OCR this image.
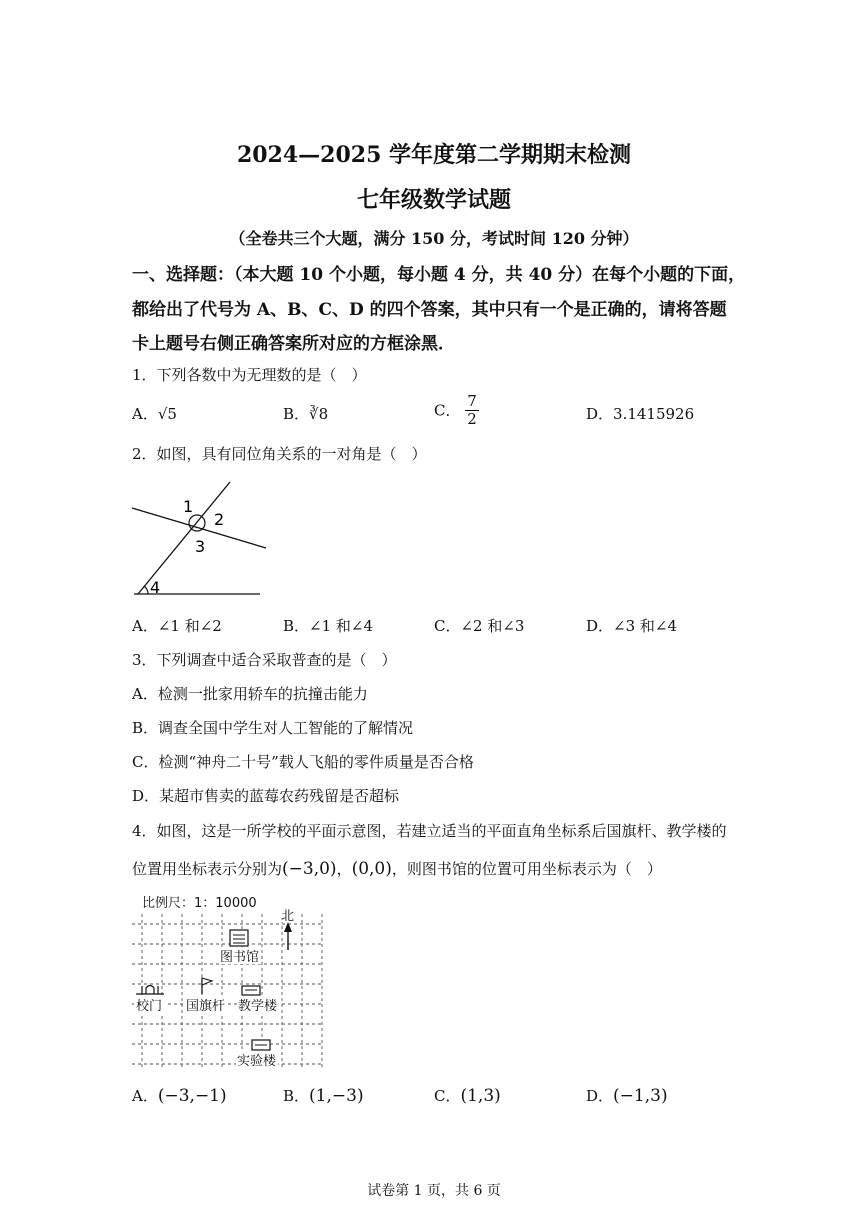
2024—2025 学年度第二学期期末检测
七年级数学试题
（全卷共三个大题，满分 150 分，考试时间 120 分钟）
一、选择题：（本大题 10 个小题，每小题 4 分，共 40 分）在每个小题的下面，
都给出了代号为 A、B、C、D 的四个答案，其中只有一个是正确的，请将答题
卡上题号右侧正确答案所对应的方框涂黑．
1．下列各数中为无理数的是（　）
A．√5	B．∛8	C． $\frac{7}{2}$	D．3.1415926
2．如图，具有同位角关系的一对角是（　）
1
2
3
4
A．∠1 和∠2	B．∠1 和∠4	C．∠2 和∠3	D．∠3 和∠4
3．下列调查中适合采取普查的是（　）
A．检测一批家用轿车的抗撞击能力
B．调查全国中学生对人工智能的了解情况
C．检测“神舟二十号”载人飞船的零件质量是否合格
D．某超市售卖的蓝莓农药残留是否超标
4．如图，这是一所学校的平面示意图，若建立适当的平面直角坐标系后国旗杆、教学楼的
位置用坐标表示分别为(−3,0)，(0,0)，则图书馆的位置可用坐标表示为（　）
比例尺：1：10000
北
图书馆
校门 国旗杆 教学楼
实验楼
A．(−3,−1)	B．(1,−3)	C．(1,3)	D．(−1,3)
试卷第 1 页，共 6 页
